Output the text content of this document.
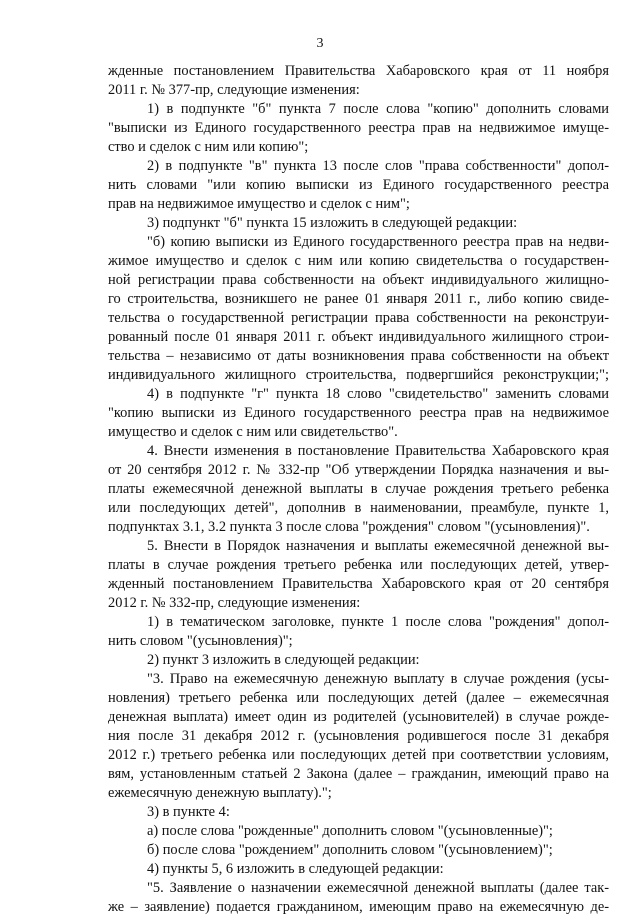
3
жденные постановлением Правительства Хабаровского края от 11 ноября
2011 г. № 377-пр, следующие изменения:
1) в подпункте "б" пункта 7 после слова "копию" дополнить словами
"выписки из Единого государственного реестра прав на недвижимое имуще-
ство и сделок с ним или копию";
2) в подпункте "в" пункта 13 после слов "права собственности" допол-
нить словами "или копию выписки из Единого государственного реестра
прав на недвижимое имущество и сделок с ним";
3) подпункт "б" пункта 15 изложить в следующей редакции:
"б) копию выписки из Единого государственного реестра прав на недви-
жимое имущество и сделок с ним или копию свидетельства о государствен-
ной регистрации права собственности на объект индивидуального жилищно-
го строительства, возникшего не ранее 01 января 2011 г., либо копию свиде-
тельства о государственной регистрации права собственности на реконструи-
рованный после 01 января 2011 г. объект индивидуального жилищного строи-
тельства – независимо от даты возникновения права собственности на объект
индивидуального жилищного строительства, подвергшийся реконструкции;";
4) в подпункте "г" пункта 18 слово "свидетельство" заменить словами
"копию выписки из Единого государственного реестра прав на недвижимое
имущество и сделок с ним или свидетельство".
4. Внести изменения в постановление Правительства Хабаровского края
от 20 сентября 2012 г. № 332-пр "Об утверждении Порядка назначения и вы-
платы ежемесячной денежной выплаты в случае рождения третьего ребенка
или последующих детей", дополнив в наименовании, преамбуле, пункте 1,
подпунктах 3.1, 3.2 пункта 3 после слова "рождения" словом "(усыновления)".
5. Внести в Порядок назначения и выплаты ежемесячной денежной вы-
платы в случае рождения третьего ребенка или последующих детей, утвер-
жденный постановлением Правительства Хабаровского края от 20 сентября
2012 г. № 332-пр, следующие изменения:
1) в тематическом заголовке, пункте 1 после слова "рождения" допол-
нить словом "(усыновления)";
2) пункт 3 изложить в следующей редакции:
"3. Право на ежемесячную денежную выплату в случае рождения (усы-
новления) третьего ребенка или последующих детей (далее – ежемесячная
денежная выплата) имеет один из родителей (усыновителей) в случае рожде-
ния после 31 декабря 2012 г. (усыновления родившегося после 31 декабря
2012 г.) третьего ребенка или последующих детей при соответствии условиям,
вям, установленным статьей 2 Закона (далее – гражданин, имеющий право на
ежемесячную денежную выплату).";
3) в пункте 4:
а) после слова "рожденные" дополнить словом "(усыновленные)";
б) после слова "рождением" дополнить словом "(усыновлением)";
4) пункты 5, 6 изложить в следующей редакции:
"5. Заявление о назначении ежемесячной денежной выплаты (далее так-
же – заявление) подается гражданином, имеющим право на ежемесячную де-
